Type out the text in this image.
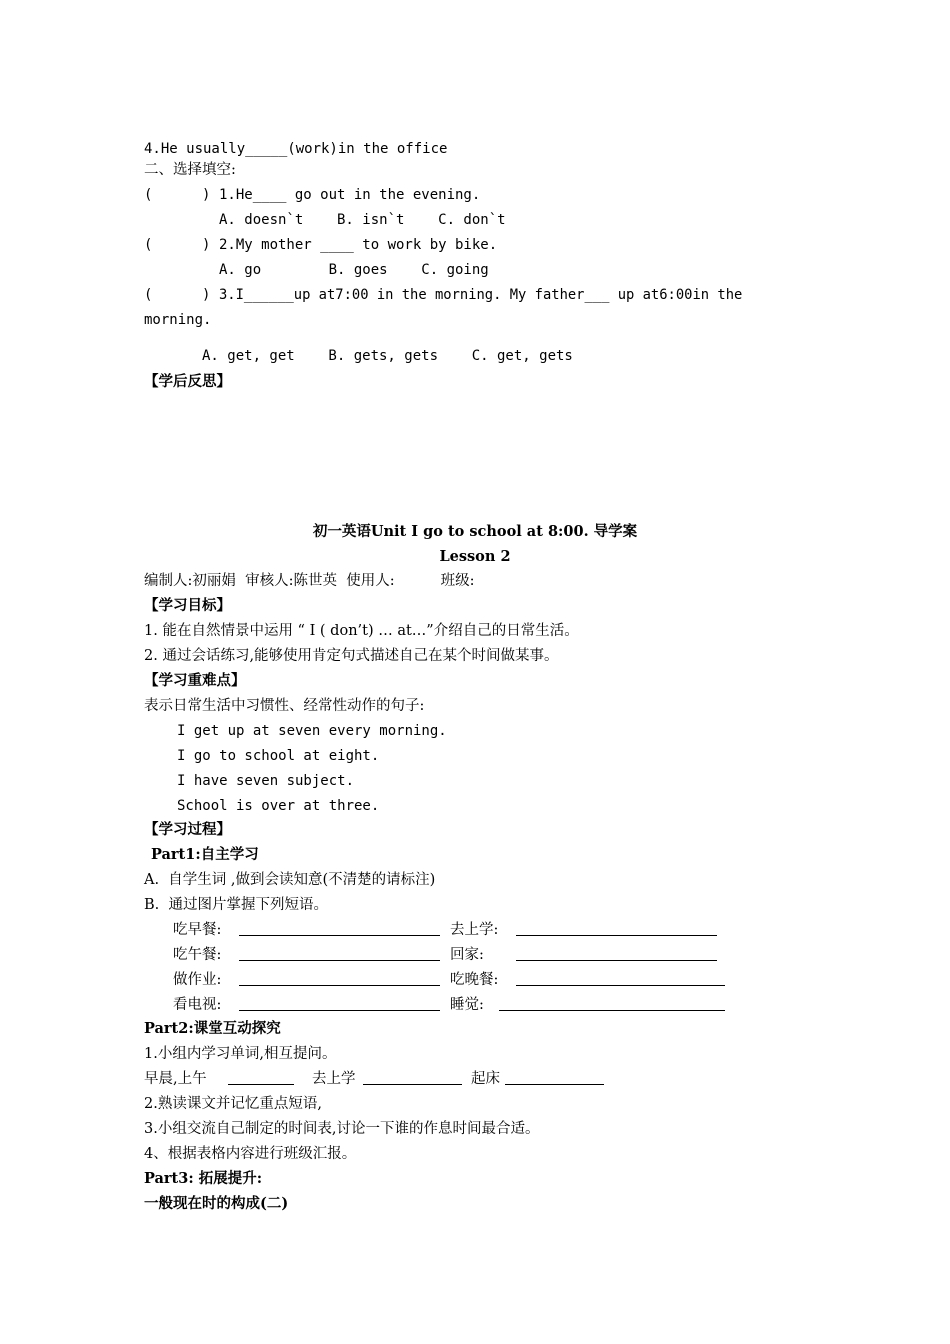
4.He usually_____(work)in the office
二、选择填空:
(	) 1.He____ go out in the evening.
A. doesn`t    B. isn`t    C. don`t
(	) 2.My mother ____ to work by bike.
A. go        B. goes    C. going
(	) 3.I______up at7:00 in the morning. My father___ up at6:00in the
morning.
A. get, get    B. gets, gets    C. get, gets
【学后反思】
初一英语Unit I go to school at 8:00. 导学案
Lesson 2
编制人:初丽娟  审核人:陈世英  使用人:          班级:
【学习目标】
1. 能在自然情景中运用 “ I ( don’t) … at…”介绍自己的日常生活。
2. 通过会话练习,能够使用肯定句式描述自己在某个时间做某事。
【学习重难点】
表示日常生活中习惯性、经常性动作的句子:
I get up at seven every morning.
I go to school at eight.
I have seven subject.
School is over at three.
【学习过程】
Part1:自主学习
A.  自学生词 ,做到会读知意(不清楚的请标注)
B.  通过图片掌握下列短语。
吃早餐:	去上学:
吃午餐:	回家:
做作业:	吃晚餐:
看电视:	睡觉:
Part2:课堂互动探究
1.小组内学习单词,相互提问。
早晨,上午	去上学	起床
2.熟读课文并记忆重点短语,
3.小组交流自己制定的时间表,讨论一下谁的作息时间最合适。
4、根据表格内容进行班级汇报。
Part3: 拓展提升:
一般现在时的构成(二)
